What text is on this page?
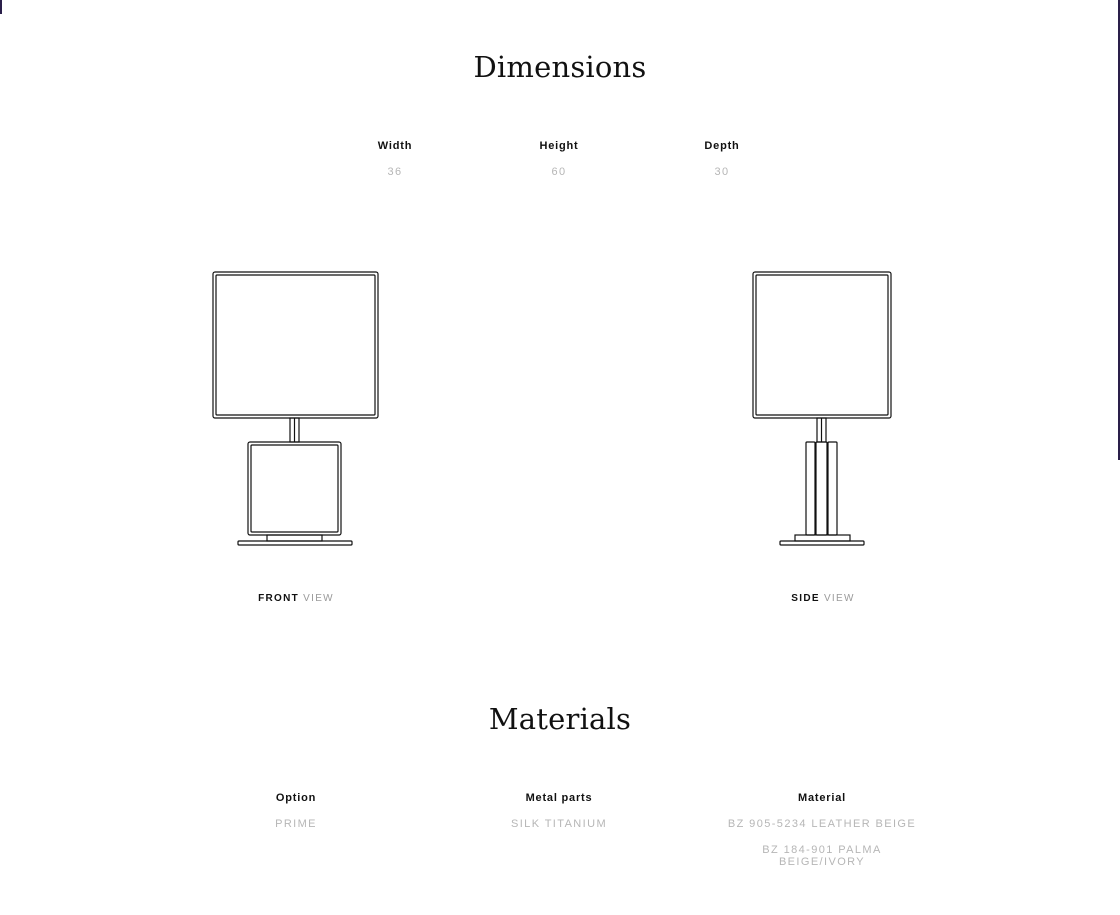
Dimensions
Width
36
Height
60
Depth
30
FRONT VIEW	SIDE VIEW
Materials
Option
PRIME
Metal parts
SILK TITANIUM
Material
BZ 905-5234 LEATHER BEIGE
BZ 184-901 PALMA BEIGE/IVORY
